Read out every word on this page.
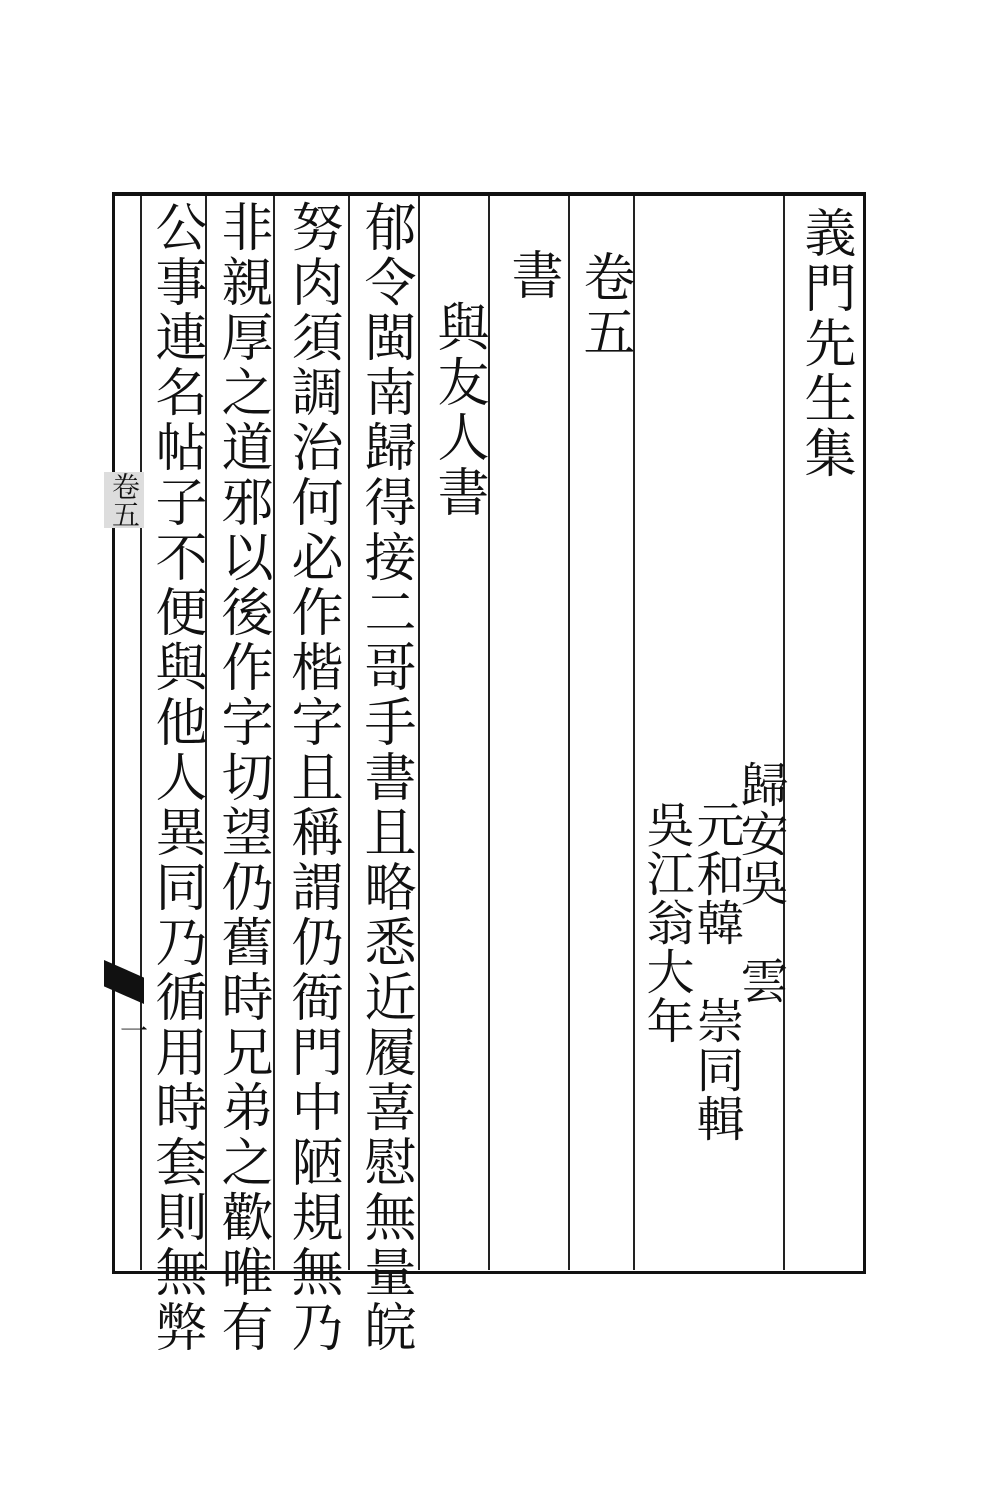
義門先生集
歸安吳　雲
元和韓　崇同輯
吳江翁大年
卷五
書
與友人書
郁令閩南歸得接二哥手書且略悉近履喜慰無量皖
努肉須調治何必作楷字且稱謂仍衙門中陋規無乃
非親厚之道邪以後作字切望仍舊時兄弟之歡唯有
公事連名帖子不便與他人異同乃循用時套則無弊
卷五
一
